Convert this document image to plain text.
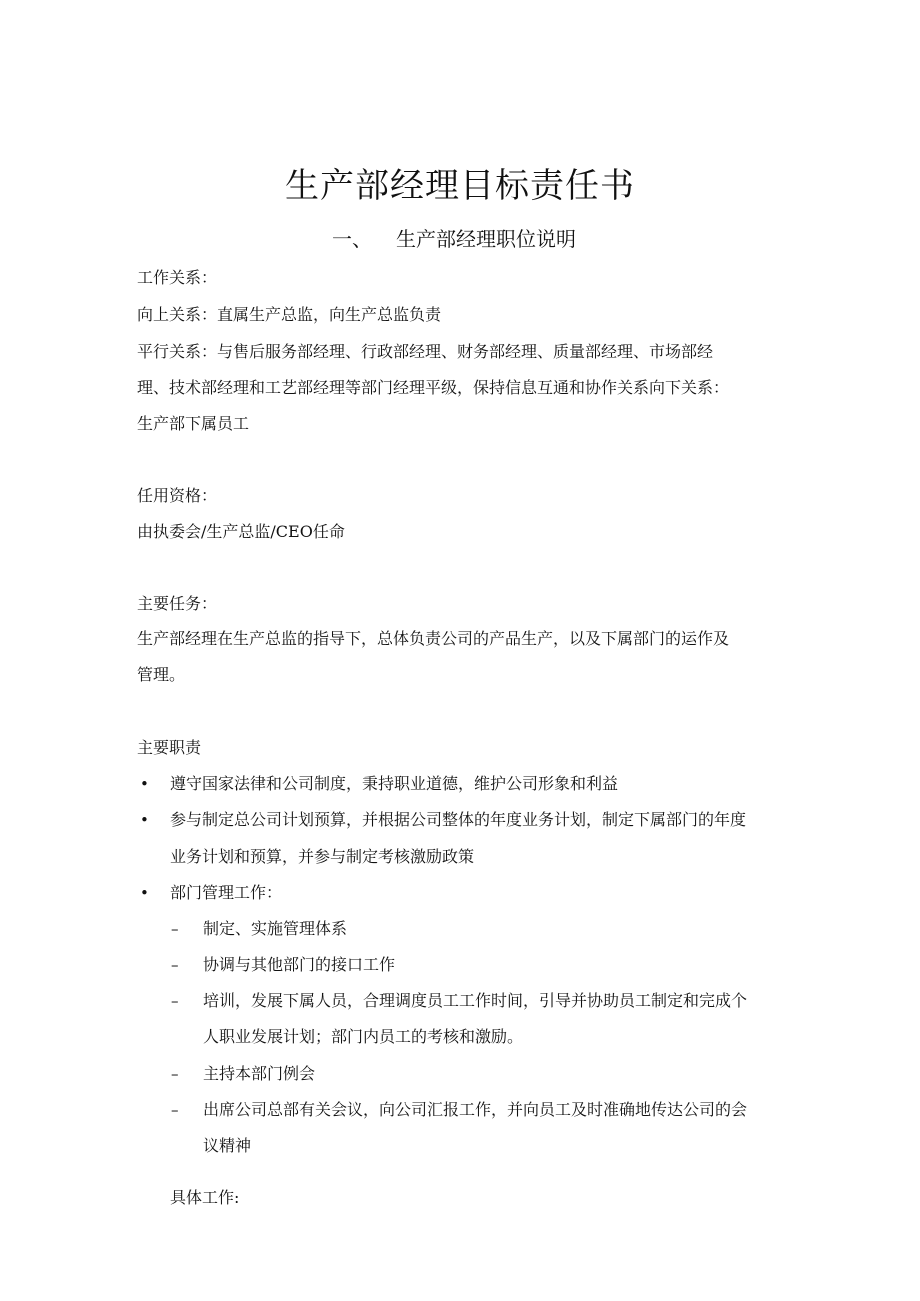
生产部经理目标责任书
一、 生产部经理职位说明
工作关系：
向上关系：直属生产总监，向生产总监负责
平行关系：与售后服务部经理、行政部经理、财务部经理、质量部经理、市场部经
理、技术部经理和工艺部经理等部门经理平级，保持信息互通和协作关系向下关系：
生产部下属员工
任用资格：
由执委会/生产总监/CEO任命
主要任务：
生产部经理在生产总监的指导下，总体负责公司的产品生产，以及下属部门的运作及
管理。
主要职责
• 遵守国家法律和公司制度，秉持职业道德，维护公司形象和利益
• 参与制定总公司计划预算，并根据公司整体的年度业务计划，制定下属部门的年度
业务计划和预算，并参与制定考核激励政策
• 部门管理工作：
– 制定、实施管理体系
– 协调与其他部门的接口工作
– 培训，发展下属人员，合理调度员工工作时间，引导并协助员工制定和完成个
人职业发展计划；部门内员工的考核和激励。
– 主持本部门例会
– 出席公司总部有关会议，向公司汇报工作，并向员工及时准确地传达公司的会
议精神
具体工作:
